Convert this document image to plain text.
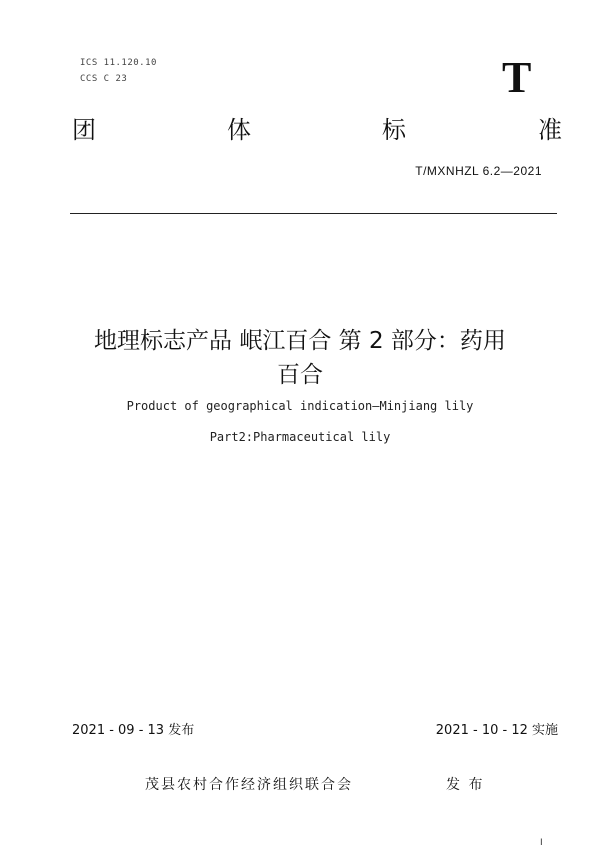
ICS 11.120.10
CCS C 23	T
团	体	标	准
T/MXNHZL 6.2—2021
地理标志产品 岷江百合 第 2 部分：药用
百合
Product of geographical indication—Minjiang lily
Part2:Pharmaceutical lily
2021 - 09 - 13 发布	2021 - 10 - 12 实施
茂县农村合作经济组织联合会	发 布
I
